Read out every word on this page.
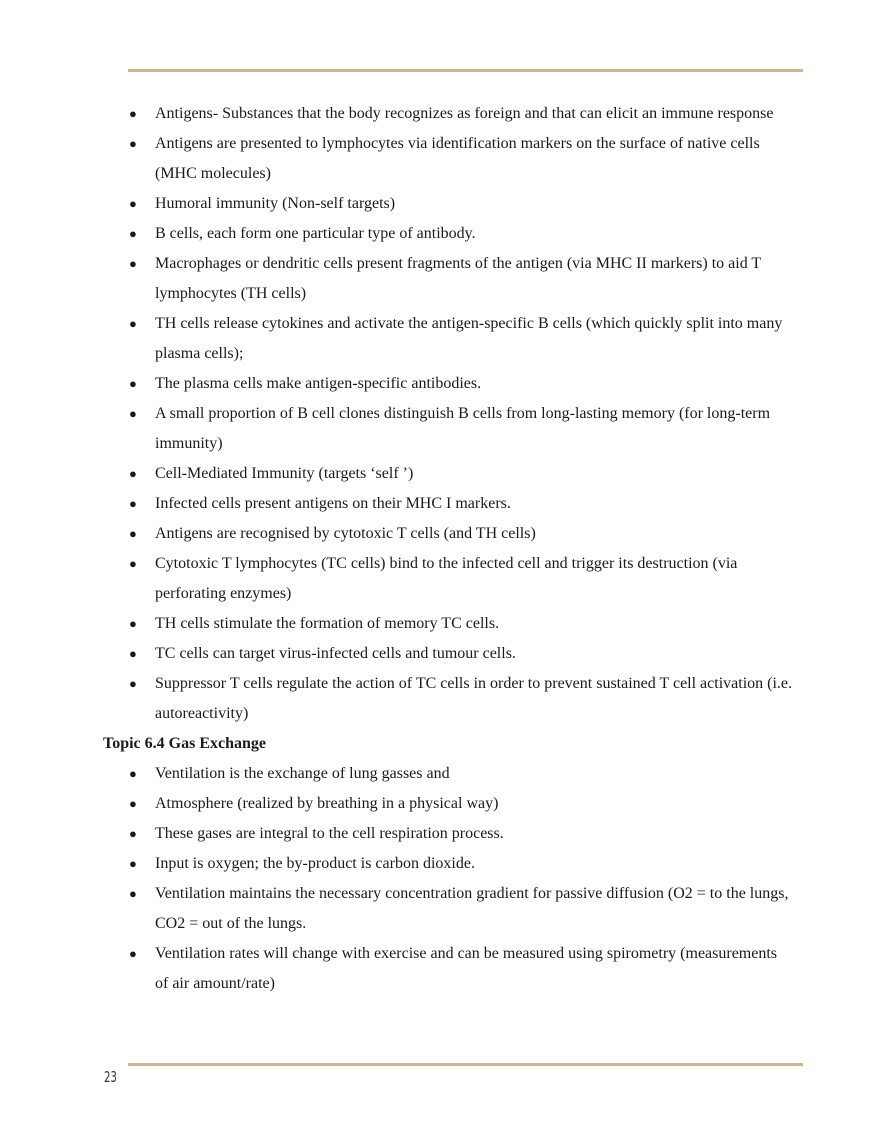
● Antigens- Substances that the body recognizes as foreign and that can elicit an immune response
● Antigens are presented to lymphocytes via identification markers on the surface of native cells (MHC molecules)
● Humoral immunity (Non-self targets)
● B cells, each form one particular type of antibody.
● Macrophages or dendritic cells present fragments of the antigen (via MHC II markers) to aid T lymphocytes (TH cells)
● TH cells release cytokines and activate the antigen-specific B cells (which quickly split into many plasma cells);
● The plasma cells make antigen-specific antibodies.
● A small proportion of B cell clones distinguish B cells from long-lasting memory (for long-term immunity)
● Cell-Mediated Immunity (targets ‘self ’)
● Infected cells present antigens on their MHC I markers.
● Antigens are recognised by cytotoxic T cells (and TH cells)
● Cytotoxic T lymphocytes (TC cells) bind to the infected cell and trigger its destruction (via perforating enzymes)
● TH cells stimulate the formation of memory TC cells.
● TC cells can target virus-infected cells and tumour cells.
● Suppressor T cells regulate the action of TC cells in order to prevent sustained T cell activation (i.e. autoreactivity)
Topic 6.4 Gas Exchange
● Ventilation is the exchange of lung gasses and
● Atmosphere (realized by breathing in a physical way)
● These gases are integral to the cell respiration process.
● Input is oxygen; the by-product is carbon dioxide.
● Ventilation maintains the necessary concentration gradient for passive diffusion (O2 = to the lungs, CO2 = out of the lungs.
● Ventilation rates will change with exercise and can be measured using spirometry (measurements of air amount/rate)
23
